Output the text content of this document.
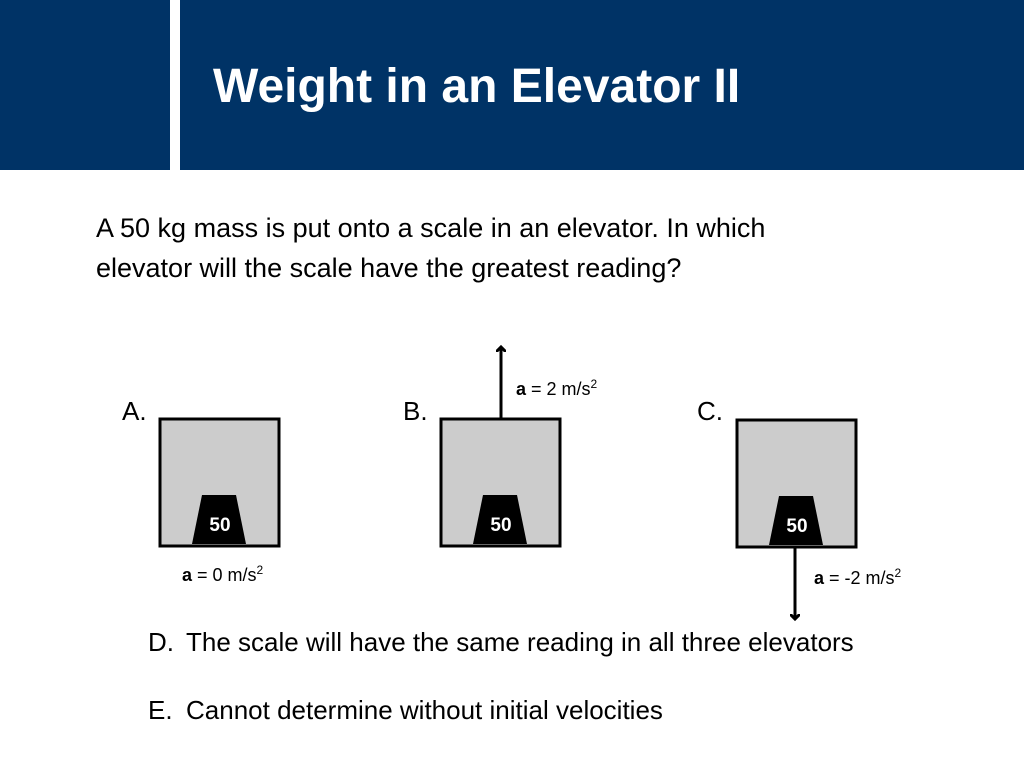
Weight in an Elevator II

A 50 kg mass is put onto a scale in an elevator. In which
elevator will the scale have the greatest reading?

A.	B.	C.
50	50	50
a = 2 $m/s^2$
a = 0 $m/s^2$	a = -2 $m/s^2$
D. The scale will have the same reading in all three elevators
E. Cannot determine without initial velocities
